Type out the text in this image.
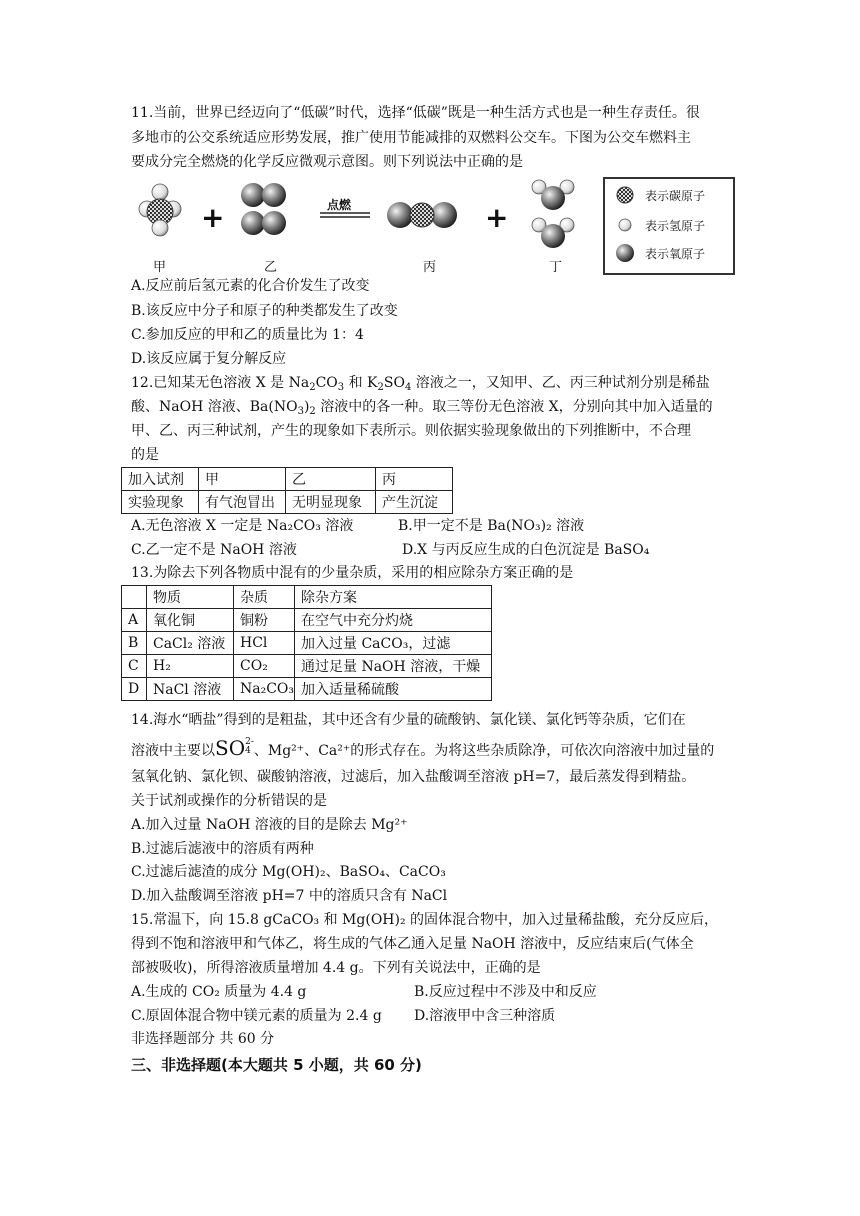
11.当前，世界已经迈向了“低碳”时代，选择“低碳”既是一种生活方式也是一种生存责任。很
多地市的公交系统适应形势发展，推广使用节能减排的双燃料公交车。下图为公交车燃料主
要成分完全燃烧的化学反应微观示意图。则下列说法中正确的是
+	+
点燃
甲	乙	丙	丁
表示碳原子
表示氢原子
表示氧原子
A.反应前后氢元素的化合价发生了改变
B.该反应中分子和原子的种类都发生了改变
C.参加反应的甲和乙的质量比为 1：4
D.该反应属于复分解反应
12.已知某无色溶液 X 是 $Na_2CO_3$ 和 $K_2SO_4$ 溶液之一，又知甲、乙、丙三种试剂分别是稀盐
酸、NaOH 溶液、$Ba(NO_3)_2$ 溶液中的各一种。取三等份无色溶液 X，分别向其中加入适量的
甲、乙、丙三种试剂，产生的现象如下表所示。则依据实验现象做出的下列推断中，不合理
的是
加入试剂	甲	乙	丙
实验现象	有气泡冒出	无明显现象	产生沉淀
A.无色溶液 X 一定是 Na₂CO₃ 溶液	B.甲一定不是 Ba(NO₃)₂ 溶液
C.乙一定不是 NaOH 溶液	D.X 与丙反应生成的白色沉淀是 BaSO₄
13.为除去下列各物质中混有的少量杂质，采用的相应除杂方案正确的是
	物质	杂质	除杂方案
A	氧化铜	铜粉	在空气中充分灼烧
B	CaCl₂ 溶液	HCl	加入过量 CaCO₃，过滤
C	H₂	CO₂	通过足量 NaOH 溶液，干燥
D	NaCl 溶液	Na₂CO₃	加入适量稀硫酸
14.海水“晒盐”得到的是粗盐，其中还含有少量的硫酸钠、氯化镁、氯化钙等杂质，它们在
溶液中主要以SO 2-
4 、Mg²⁺、Ca²⁺的形式存在。为将这些杂质除净，可依次向溶液中加过量的
氢氧化钠、氯化钡、碳酸钠溶液，过滤后，加入盐酸调至溶液 pH=7，最后蒸发得到精盐。
关于试剂或操作的分析错误的是
A.加入过量 NaOH 溶液的目的是除去 Mg²⁺
B.过滤后滤液中的溶质有两种
C.过滤后滤渣的成分 Mg(OH)₂、BaSO₄、CaCO₃
D.加入盐酸调至溶液 pH=7 中的溶质只含有 NaCl
15.常温下，向 15.8 gCaCO₃ 和 Mg(OH)₂ 的固体混合物中，加入过量稀盐酸，充分反应后，
得到不饱和溶液甲和气体乙，将生成的气体乙通入足量 NaOH 溶液中，反应结束后(气体全
部被吸收)，所得溶液质量增加 4.4 g。下列有关说法中，正确的是
A.生成的 CO₂ 质量为 4.4 g	B.反应过程中不涉及中和反应
C.原固体混合物中镁元素的质量为 2.4 g D.溶液甲中含三种溶质
非选择题部分 共 60 分
三、非选择题(本大题共 5 小题，共 60 分)
